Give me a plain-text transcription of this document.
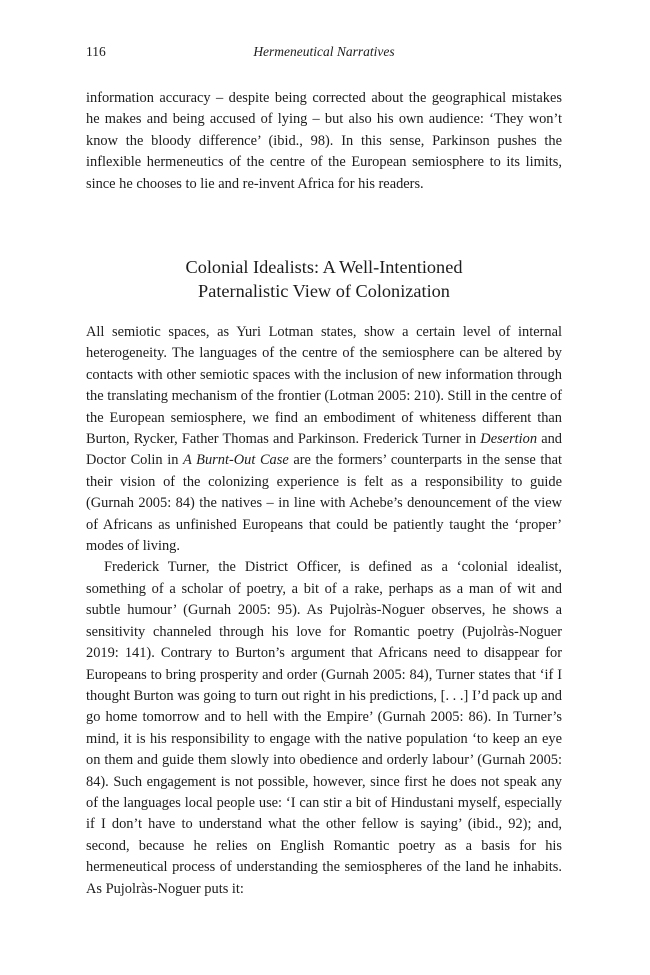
116	Hermeneutical Narratives

information accuracy – despite being corrected about the geographical mistakes he makes and being accused of lying – but also his own audience: ‘They won’t know the bloody difference’ (ibid., 98). In this sense, Parkinson pushes the inflexible hermeneutics of the centre of the European semiosphere to its limits, since he chooses to lie and re-invent Africa for his readers.

Colonial Idealists: A Well-Intentioned
Paternalistic View of Colonization

All semiotic spaces, as Yuri Lotman states, show a certain level of internal heterogeneity. The languages of the centre of the semiosphere can be altered by contacts with other semiotic spaces with the inclusion of new information through the translating mechanism of the frontier (Lotman 2005: 210). Still in the centre of the European semiosphere, we find an embodiment of whiteness different than Burton, Rycker, Father Thomas and Parkinson. Frederick Turner in Desertion and Doctor Colin in A Burnt-Out Case are the formers’ counterparts in the sense that their vision of the colonizing experience is felt as a responsibility to guide (Gurnah 2005: 84) the natives – in line with Achebe’s denouncement of the view of Africans as unfinished Europeans that could be patiently taught the ‘proper’ modes of living.

Frederick Turner, the District Officer, is defined as a ‘colonial idealist, something of a scholar of poetry, a bit of a rake, perhaps as a man of wit and subtle humour’ (Gurnah 2005: 95). As Pujolràs-Noguer observes, he shows a sensitivity channeled through his love for Romantic poetry (Pujolràs-Noguer 2019: 141). Contrary to Burton’s argument that Africans need to disappear for Europeans to bring prosperity and order (Gurnah 2005: 84), Turner states that ‘if I thought Burton was going to turn out right in his predictions, [. . .] I’d pack up and go home tomorrow and to hell with the Empire’ (Gurnah 2005: 86). In Turner’s mind, it is his responsibility to engage with the native population ‘to keep an eye on them and guide them slowly into obedience and orderly labour’ (Gurnah 2005: 84). Such engagement is not possible, however, since first he does not speak any of the languages local people use: ‘I can stir a bit of Hindustani myself, especially if I don’t have to understand what the other fellow is saying’ (ibid., 92); and, second, because he relies on English Romantic poetry as a basis for his hermeneutical process of understanding the semiospheres of the land he inhabits. As Pujolràs-Noguer puts it:
